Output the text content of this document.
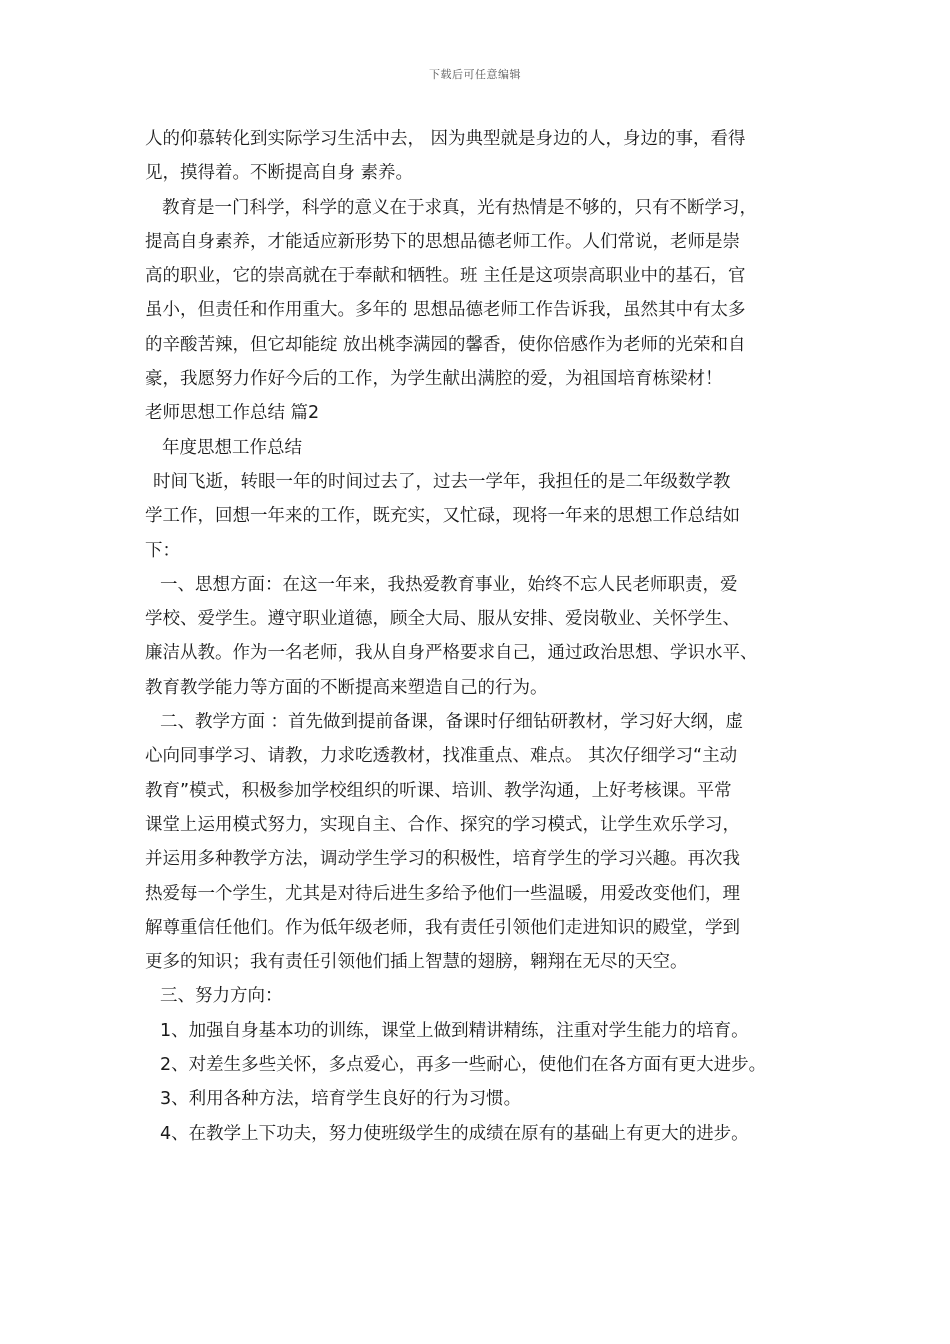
下载后可任意编辑
人的仰慕转化到实际学习生活中去， 因为典型就是身边的人，身边的事，看得
见，摸得着。不断提高自身 素养。
教育是一门科学，科学的意义在于求真，光有热情是不够的，只有不断学习，
提高自身素养，才能适应新形势下的思想品德老师工作。人们常说，老师是崇
高的职业，它的崇高就在于奉献和牺牲。班 主任是这项崇高职业中的基石，官
虽小，但责任和作用重大。多年的 思想品德老师工作告诉我，虽然其中有太多
的辛酸苦辣，但它却能绽 放出桃李满园的馨香，使你倍感作为老师的光荣和自
豪，我愿努力作好今后的工作，为学生献出满腔的爱，为祖国培育栋梁材！
老师思想工作总结 篇2
年度思想工作总结
时间飞逝，转眼一年的时间过去了，过去一学年，我担任的是二年级数学教
学工作，回想一年来的工作，既充实，又忙碌，现将一年来的思想工作总结如
下：
一、思想方面：在这一年来，我热爱教育事业，始终不忘人民老师职责，爱
学校、爱学生。遵守职业道德，顾全大局、服从安排、爱岗敬业、关怀学生、
廉洁从教。作为一名老师，我从自身严格要求自己，通过政治思想、学识水平、
教育教学能力等方面的不断提高来塑造自己的行为。
二、教学方面 ：首先做到提前备课，备课时仔细钻研教材，学习好大纲，虚
心向同事学习、请教，力求吃透教材，找准重点、难点。 其次仔细学习“主动
教育”模式，积极参加学校组织的听课、培训、教学沟通，上好考核课。平常
课堂上运用模式努力，实现自主、合作、探究的学习模式，让学生欢乐学习，
并运用多种教学方法，调动学生学习的积极性，培育学生的学习兴趣。再次我
热爱每一个学生，尤其是对待后进生多给予他们一些温暖，用爱改变他们，理
解尊重信任他们。作为低年级老师，我有责任引领他们走进知识的殿堂，学到
更多的知识；我有责任引领他们插上智慧的翅膀，翱翔在无尽的天空。
三、努力方向：
1、加强自身基本功的训练，课堂上做到精讲精练，注重对学生能力的培育。
2、对差生多些关怀，多点爱心，再多一些耐心，使他们在各方面有更大进步。
3、利用各种方法，培育学生良好的行为习惯。
4、在教学上下功夫，努力使班级学生的成绩在原有的基础上有更大的进步。
